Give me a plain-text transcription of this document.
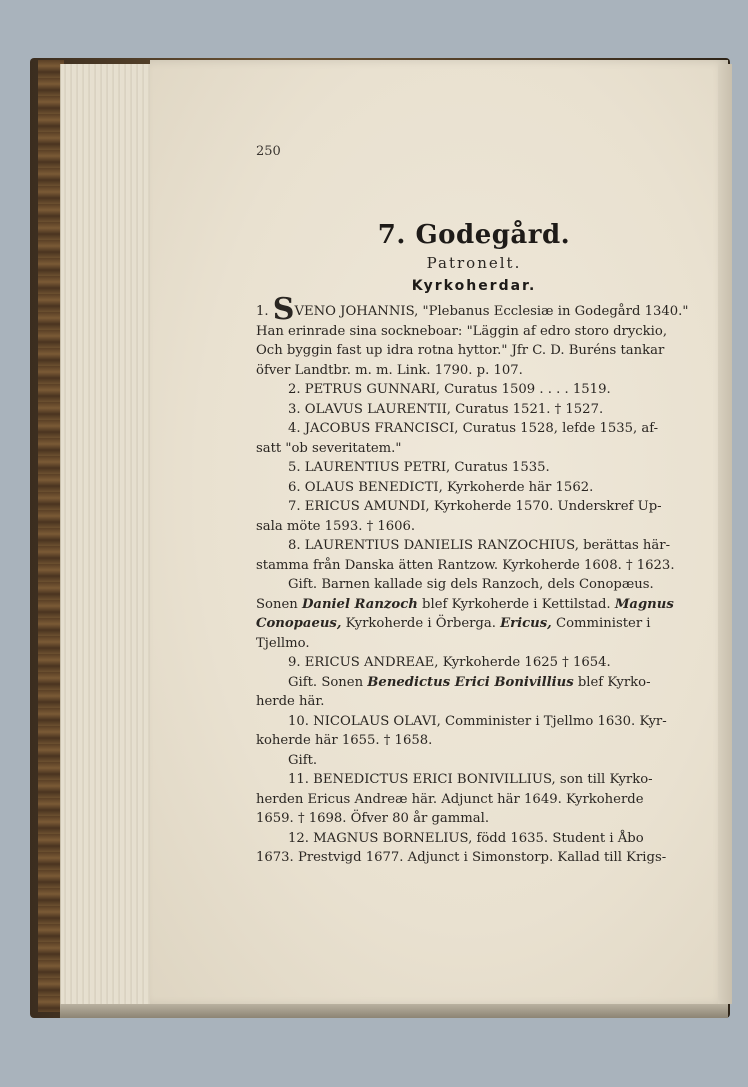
250
7. Godegård.
Patronelt.
Kyrkoherdar.

1. SVENO JOHANNIS, "Plebanus Ecclesiæ in Godegård 1340."
Han erinrade sina sockneboar: "Läggin af edro storo dryckio,
Och byggin fast up idra rotna hyttor." Jfr C. D. Buréns tankar
öfver Landtbr. m. m. Link. 1790. p. 107.

2. PETRUS GUNNARI, Curatus 1509 . . . . 1519.

3. OLAVUS LAURENTII, Curatus 1521. † 1527.

4. JACOBUS FRANCISCI, Curatus 1528, lefde 1535, af-
satt "ob severitatem."

5. LAURENTIUS PETRI, Curatus 1535.

6. OLAUS BENEDICTI, Kyrkoherde här 1562.

7. ERICUS AMUNDI, Kyrkoherde 1570. Underskref Up-
sala möte 1593. † 1606.

8. LAURENTIUS DANIELIS RANZOCHIUS, berättas här-
stamma från Danska ätten Rantzow. Kyrkoherde 1608. † 1623.
Gift. Barnen kallade sig dels Ranzoch, dels Conopæus.
Sonen Daniel Ranzoch blef Kyrkoherde i Kettilstad. Magnus
Conopaeus, Kyrkoherde i Örberga. Ericus, Comminister i
Tjellmo.

9. ERICUS ANDREAE, Kyrkoherde 1625 † 1654.
Gift. Sonen Benedictus Erici Bonivillius blef Kyrko-
herde här.

10. NICOLAUS OLAVI, Comminister i Tjellmo 1630. Kyr-
koherde här 1655. † 1658.
Gift.

11. BENEDICTUS ERICI BONIVILLIUS, son till Kyrko-
herden Ericus Andreæ här. Adjunct här 1649. Kyrkoherde
1659. † 1698. Öfver 80 år gammal.

12. MAGNUS BORNELIUS, född 1635. Student i Åbo
1673. Prestvigd 1677. Adjunct i Simonstorp. Kallad till Krigs-
